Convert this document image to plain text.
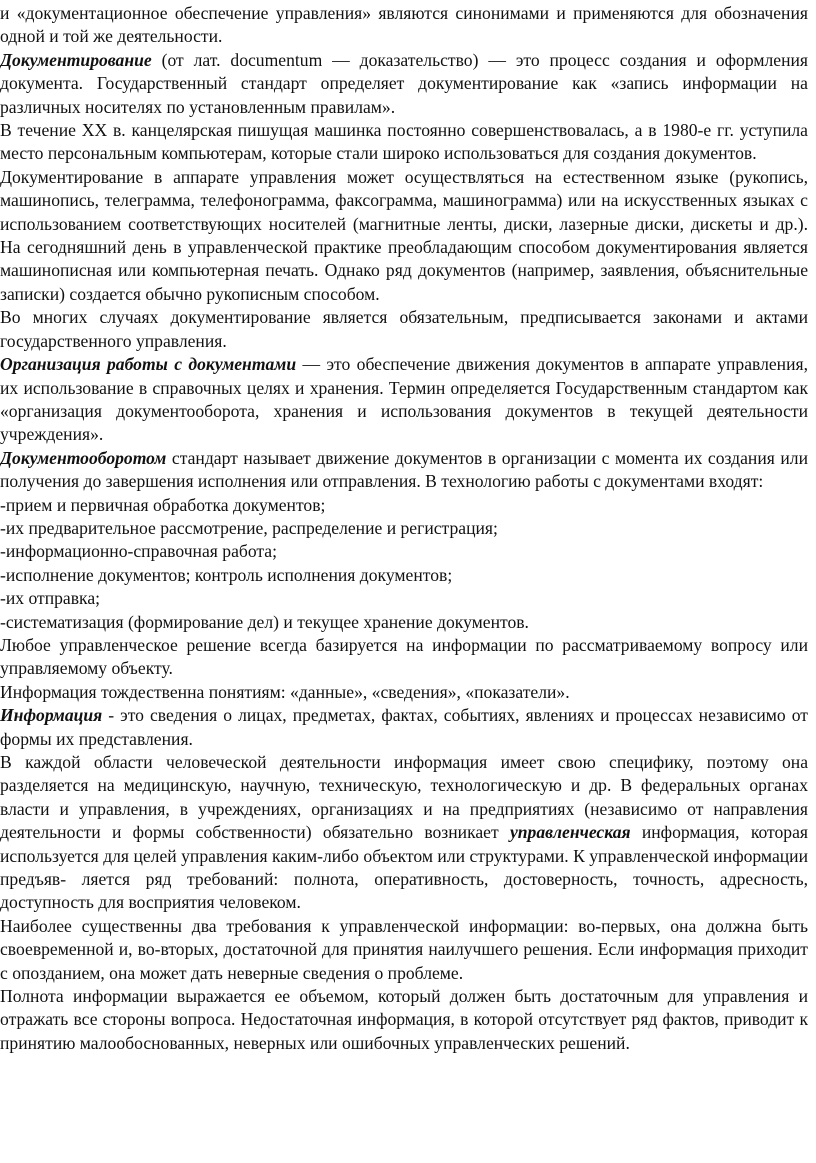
и «документационное обеспечение управления» являются синонимами и применяются для обозначения одной и той же деятельности.

Документирование (от лат. documentum — доказательство) — это процесс создания и оформления документа. Государственный стандарт определяет документирование как «запись информации на различных носителях по установленным правилам».

В течение XX в. канцелярская пишущая машинка постоянно совершенствовалась, а в 1980-е гг. уступила место персональным компьютерам, которые стали широко использоваться для создания документов.

Документирование в аппарате управления может осуществляться на естественном языке (рукопись, машинопись, телеграмма, телефонограмма, факсограмма, машинограмма) или на искусственных языках с использованием соответствующих носителей (магнитные ленты, диски, лазерные диски, дискеты и др.). На сегодняшний день в управленческой практике преобладающим способом документирования является машинописная или компьютерная печать. Однако ряд документов (например, заявления, объяснительные записки) создается обычно рукописным способом.

Во многих случаях документирование является обязательным, предписывается законами и актами государственного управления.

Организация работы с документами — это обеспечение движения документов в аппарате управления, их использование в справочных целях и хранения. Термин определяется Государственным стандартом как «организация документооборота, хранения и использования документов в текущей деятельности учреждения».

Документооборотом стандарт называет движение документов в организации с момента их создания или получения до завершения исполнения или отправления. В технологию работы с документами входят:

-прием и первичная обработка документов;

-их предварительное рассмотрение, распределение и регистрация;

-информационно-справочная работа;

-исполнение документов; контроль исполнения документов;

-их отправка;

-систематизация (формирование дел) и текущее хранение документов.

Любое управленческое решение всегда базируется на информации по рассматриваемому вопросу или управляемому объекту.

Информация тождественна понятиям: «данные», «сведения», «показатели».

Информация - это сведения о лицах, предметах, фактах, событиях, явлениях и процессах независимо от формы их представления.

В каждой области человеческой деятельности информация имеет свою специфику, поэтому она разделяется на медицинскую, научную, техническую, технологическую и др. В федеральных органах власти и управления, в учреждениях, организациях и на предприятиях (независимо от направления деятельности и формы собственности) обязательно возникает управленческая информация, которая используется для целей управления каким-либо объектом или структурами. К управленческой информации предъяв- ляется ряд требований: полнота, оперативность, достоверность, точность, адресность, доступность для восприятия человеком.

Наиболее существенны два требования к управленческой информации: во-первых, она должна быть своевременной и, во-вторых, достаточной для принятия наилучшего решения. Если информация приходит с опозданием, она может дать неверные сведения о проблеме.

Полнота информации выражается ее объемом, который должен быть достаточным для управления и отражать все стороны вопроса. Недостаточная информация, в которой отсутствует ряд фактов, приводит к принятию малообоснованных, неверных или ошибочных управленческих решений.
